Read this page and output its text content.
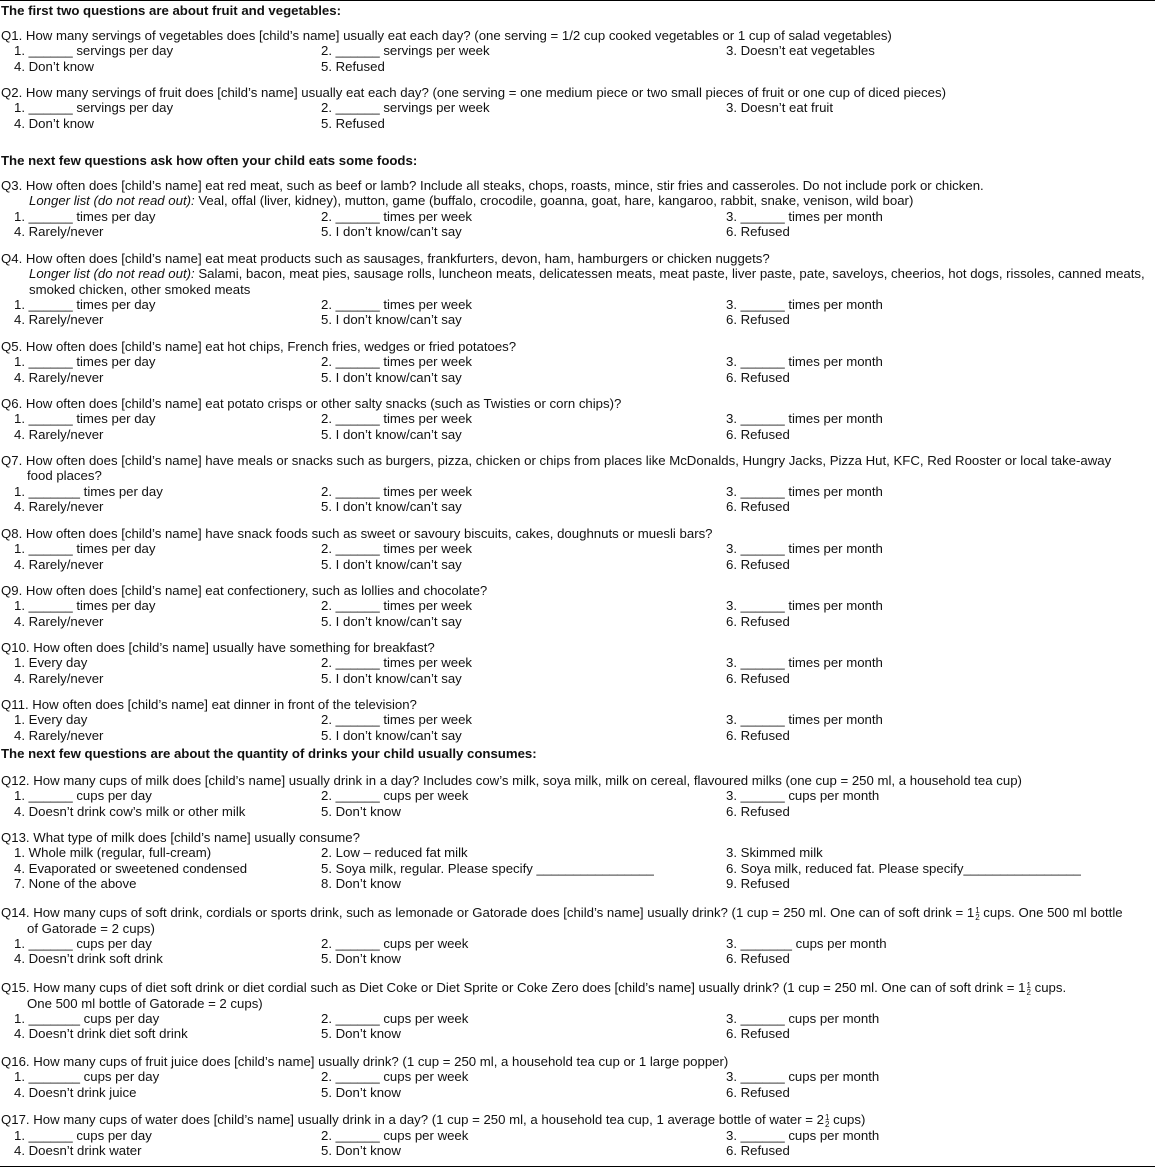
The first two questions are about fruit and vegetables:
Q1. How many servings of vegetables does [child’s name] usually eat each day? (one serving = 1/2 cup cooked vegetables or 1 cup of salad vegetables)
1. ______ servings per day	2. ______ servings per week	3. Doesn’t eat vegetables
4. Don’t know	5. Refused
Q2. How many servings of fruit does [child’s name] usually eat each day? (one serving = one medium piece or two small pieces of fruit or one cup of diced pieces)
1. ______ servings per day	2. ______ servings per week	3. Doesn’t eat fruit
4. Don’t know	5. Refused
The next few questions ask how often your child eats some foods:
Q3. How often does [child’s name] eat red meat, such as beef or lamb? Include all steaks, chops, roasts, mince, stir fries and casseroles. Do not include pork or chicken.
Longer list (do not read out): Veal, offal (liver, kidney), mutton, game (buffalo, crocodile, goanna, goat, hare, kangaroo, rabbit, snake, venison, wild boar)
1. ______ times per day	2. ______ times per week	3. ______ times per month
4. Rarely/never	5. I don’t know/can’t say	6. Refused
Q4. How often does [child’s name] eat meat products such as sausages, frankfurters, devon, ham, hamburgers or chicken nuggets?
Longer list (do not read out): Salami, bacon, meat pies, sausage rolls, luncheon meats, delicatessen meats, meat paste, liver paste, pate, saveloys, cheerios, hot dogs, rissoles, canned meats, smoked chicken, other smoked meats
1. ______ times per day	2. ______ times per week	3. ______ times per month
4. Rarely/never	5. I don’t know/can’t say	6. Refused
Q5. How often does [child’s name] eat hot chips, French fries, wedges or fried potatoes?
1. ______ times per day	2. ______ times per week	3. ______ times per month
4. Rarely/never	5. I don’t know/can’t say	6. Refused
Q6. How often does [child’s name] eat potato crisps or other salty snacks (such as Twisties or corn chips)?
1. ______ times per day	2. ______ times per week	3. ______ times per month
4. Rarely/never	5. I don’t know/can’t say	6. Refused
Q7. How often does [child’s name] have meals or snacks such as burgers, pizza, chicken or chips from places like McDonalds, Hungry Jacks, Pizza Hut, KFC, Red Rooster or local take-away
food places?
1. _______ times per day	2. ______ times per week	3. ______ times per month
4. Rarely/never	5. I don’t know/can’t say	6. Refused
Q8. How often does [child’s name] have snack foods such as sweet or savoury biscuits, cakes, doughnuts or muesli bars?
1. ______ times per day	2. ______ times per week	3. ______ times per month
4. Rarely/never	5. I don’t know/can’t say	6. Refused
Q9. How often does [child’s name] eat confectionery, such as lollies and chocolate?
1. ______ times per day	2. ______ times per week	3. ______ times per month
4. Rarely/never	5. I don’t know/can’t say	6. Refused
Q10. How often does [child’s name] usually have something for breakfast?
1. Every day	2. ______ times per week	3. ______ times per month
4. Rarely/never	5. I don’t know/can’t say	6. Refused
Q11. How often does [child’s name] eat dinner in front of the television?
1. Every day	2. ______ times per week	3. ______ times per month
4. Rarely/never	5. I don’t know/can’t say	6. Refused
The next few questions are about the quantity of drinks your child usually consumes:
Q12. How many cups of milk does [child’s name] usually drink in a day? Includes cow’s milk, soya milk, milk on cereal, flavoured milks (one cup = 250 ml, a household tea cup)
1. ______ cups per day	2. ______ cups per week	3. ______ cups per month
4. Doesn’t drink cow’s milk or other milk	5. Don’t know	6. Refused
Q13. What type of milk does [child’s name] usually consume?
1. Whole milk (regular, full-cream)	2. Low – reduced fat milk	3. Skimmed milk
4. Evaporated or sweetened condensed	5. Soya milk, regular. Please specify ________________	6. Soya milk, reduced fat. Please specify________________
7. None of the above	8. Don’t know	9. Refused
Q14. How many cups of soft drink, cordials or sports drink, such as lemonade or Gatorade does [child’s name] usually drink? (1 cup = 250 ml. One can of soft drink = 1 1
2 cups. One 500 ml bottle
of Gatorade = 2 cups)
1. ______ cups per day	2. ______ cups per week	3. _______ cups per month
4. Doesn’t drink soft drink	5. Don’t know	6. Refused
Q15. How many cups of diet soft drink or diet cordial such as Diet Coke or Diet Sprite or Coke Zero does [child’s name] usually drink? (1 cup = 250 ml. One can of soft drink = 1 1
2 cups.
One 500 ml bottle of Gatorade = 2 cups)
1. _______ cups per day	2. ______ cups per week	3. ______ cups per month
4. Doesn’t drink diet soft drink	5. Don’t know	6. Refused
Q16. How many cups of fruit juice does [child’s name] usually drink? (1 cup = 250 ml, a household tea cup or 1 large popper)
1. _______ cups per day	2. ______ cups per week	3. ______ cups per month
4. Doesn’t drink juice	5. Don’t know	6. Refused
Q17. How many cups of water does [child’s name] usually drink in a day? (1 cup = 250 ml, a household tea cup, 1 average bottle of water = 2 1
2 cups)
1. ______ cups per day	2. ______ cups per week	3. ______ cups per month
4. Doesn’t drink water	5. Don’t know	6. Refused
